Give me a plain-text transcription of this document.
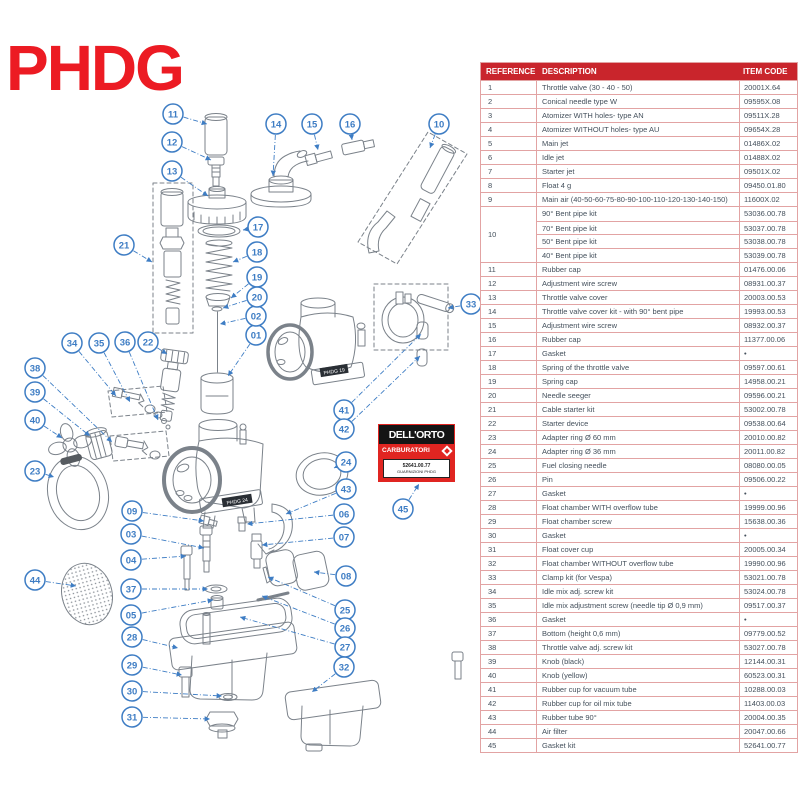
PHDG
PHDG 19
PHDG 24
01
02
03
04
05
06
07
08
09
10
11
12
13
14	15	16
17
18
19
20
21
22
23
24
25
26
27
28
29
30
31
32
33
34 35 36
37
38
39
40
41
42
43
44
45
DELL'ORTO
CARBURATORI
52641.00.77
GUARNIZIONI PHDG
REFERENCE DESCRIPTION	ITEM CODE
1	Throttle valve (30 - 40 - 50)	20001X.64
2	Conical needle type W	09595X.08
3	Atomizer WITH holes- type AN	09511X.28
4	Atomizer WITHOUT holes- type AU	09654X.28
5	Main jet	01486X.02
6	Idle jet	01488X.02
7	Starter jet	09501X.02
8	Float 4 g	09450.01.80
9	Main air (40-50-60-75-80-90-100-110-120-130-140-150)	11600X.02
10
90° Bent pipe kit	53036.00.78
70° Bent pipe kit	53037.00.78
50° Bent pipe kit	53038.00.78
40° Bent pipe kit	53039.00.78
11	Rubber cap	01476.00.06
12	Adjustment wire screw	08931.00.37
13	Throttle valve cover	20003.00.53
14	Throttle valve cover kit - with 90° bent pipe	19993.00.53
15	Adjustment wire screw	08932.00.37
16	Rubber cap	11377.00.06
17	Gasket	•
18	Spring of the throttle valve	09597.00.61
19	Spring cap	14958.00.21
20	Needle seeger	09596.00.21
21	Cable starter kit	53002.00.78
22	Starter device	09538.00.64
23	Adapter ring Ø 60 mm	20010.00.82
24	Adapter ring Ø 36 mm	20011.00.82
25	Fuel closing needle	08080.00.05
26	Pin	09506.00.22
27	Gasket	•
28	Float chamber WITH overflow tube	19999.00.96
29	Float chamber screw	15638.00.36
30	Gasket	•
31	Float cover cup	20005.00.34
32	Float chamber WITHOUT overflow tube	19990.00.96
33	Clamp kit (for Vespa)	53021.00.78
34	Idle mix adj. screw kit	53024.00.78
35	Idle mix adjustment screw (needle tip Ø 0,9 mm)	09517.00.37
36	Gasket	•
37	Bottom (height 0,6 mm)	09779.00.52
38	Throttle valve adj. screw kit	53027.00.78
39	Knob (black)	12144.00.31
40	Knob (yellow)	60523.00.31
41	Rubber cup for vacuum tube	10288.00.03
42	Rubber cup for oil mix tube	11403.00.03
43	Rubber tube 90°	20004.00.35
44	Air filter	20047.00.66
45	Gasket kit	52641.00.77
